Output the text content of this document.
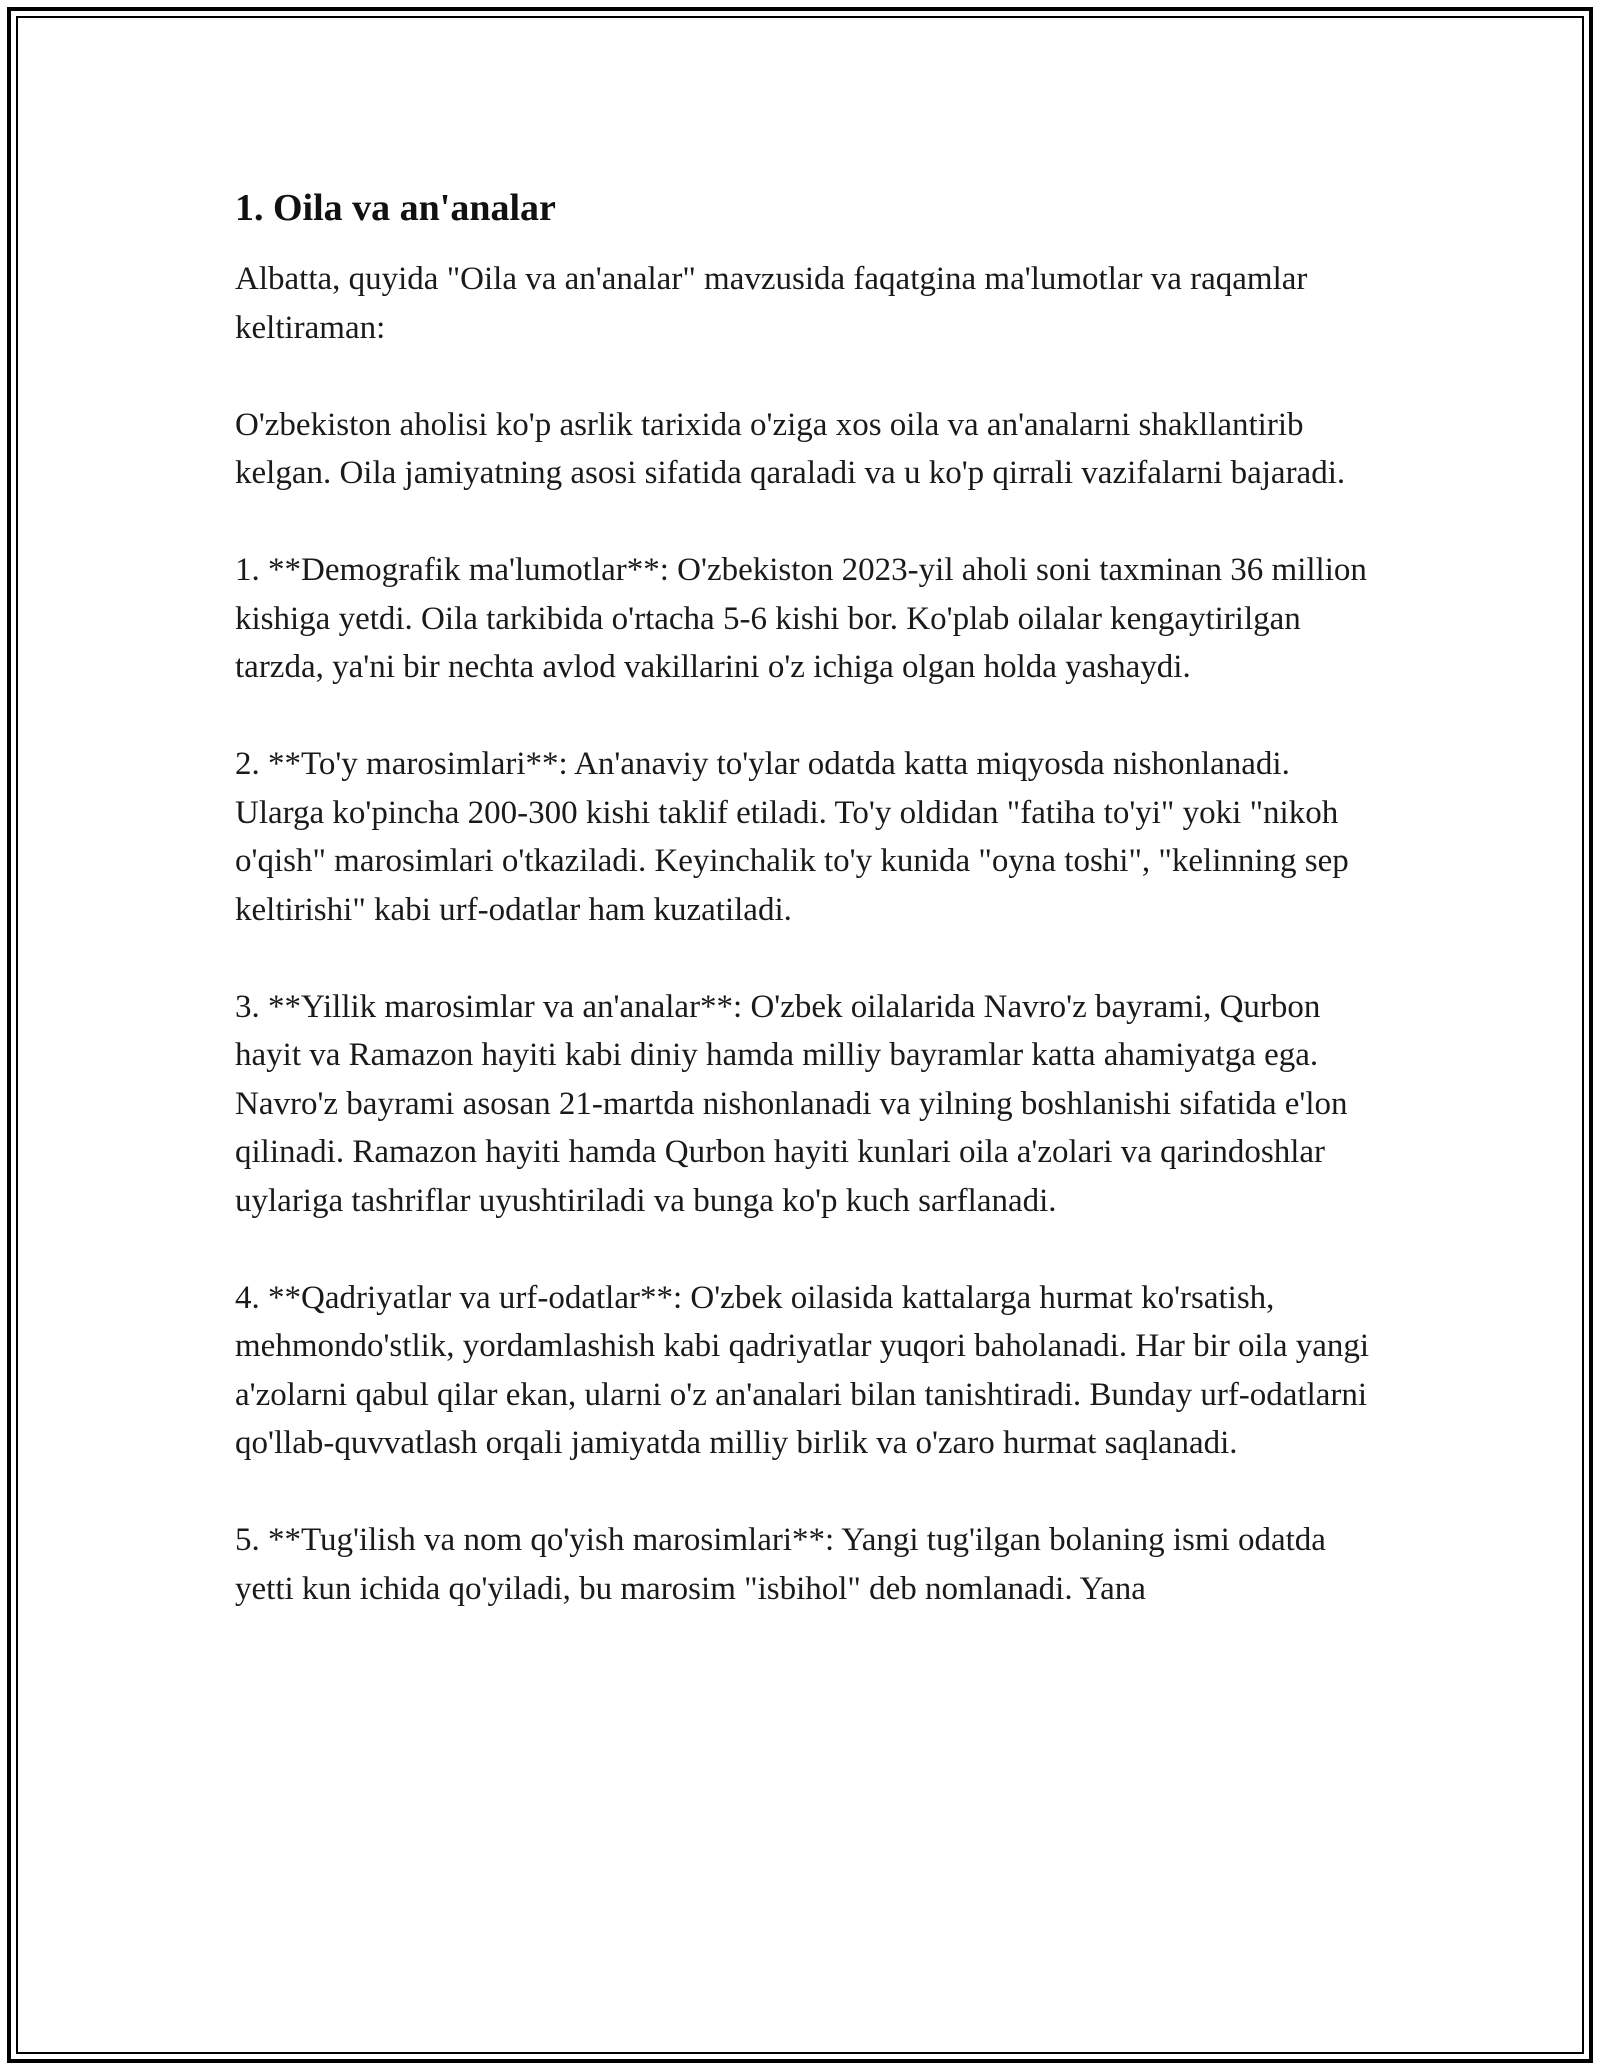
1. Oila va an'analar

Albatta, quyida "Oila va an'analar" mavzusida faqatgina ma'lumotlar va raqamlar keltiraman:

O'zbekiston aholisi ko'p asrlik tarixida o'ziga xos oila va an'analarni shakllantirib kelgan. Oila jamiyatning asosi sifatida qaraladi va u ko'p qirrali vazifalarni bajaradi.

1. **Demografik ma'lumotlar**: O'zbekiston 2023-yil aholi soni taxminan 36 million kishiga yetdi. Oila tarkibida o'rtacha 5-6 kishi bor. Ko'plab oilalar kengaytirilgan tarzda, ya'ni bir nechta avlod vakillarini o'z ichiga olgan holda yashaydi.

2. **To'y marosimlari**: An'anaviy to'ylar odatda katta miqyosda nishonlanadi. Ularga ko'pincha 200-300 kishi taklif etiladi. To'y oldidan "fatiha to'yi" yoki "nikoh o'qish" marosimlari o'tkaziladi. Keyinchalik to'y kunida "oyna toshi", "kelinning sep keltirishi" kabi urf-odatlar ham kuzatiladi.

3. **Yillik marosimlar va an'analar**: O'zbek oilalarida Navro'z bayrami, Qurbon hayit va Ramazon hayiti kabi diniy hamda milliy bayramlar katta ahamiyatga ega. Navro'z bayrami asosan 21-martda nishonlanadi va yilning boshlanishi sifatida e'lon qilinadi. Ramazon hayiti hamda Qurbon hayiti kunlari oila a'zolari va qarindoshlar uylariga tashriflar uyushtiriladi va bunga ko'p kuch sarflanadi.

4. **Qadriyatlar va urf-odatlar**: O'zbek oilasida kattalarga hurmat ko'rsatish, mehmondo'stlik, yordamlashish kabi qadriyatlar yuqori baholanadi. Har bir oila yangi a'zolarni qabul qilar ekan, ularni o'z an'analari bilan tanishtiradi. Bunday urf-odatlarni qo'llab-quvvatlash orqali jamiyatda milliy birlik va o'zaro hurmat saqlanadi.

5. **Tug'ilish va nom qo'yish marosimlari**: Yangi tug'ilgan bolaning ismi odatda yetti kun ichida qo'yiladi, bu marosim "isbihol" deb nomlanadi. Yana
